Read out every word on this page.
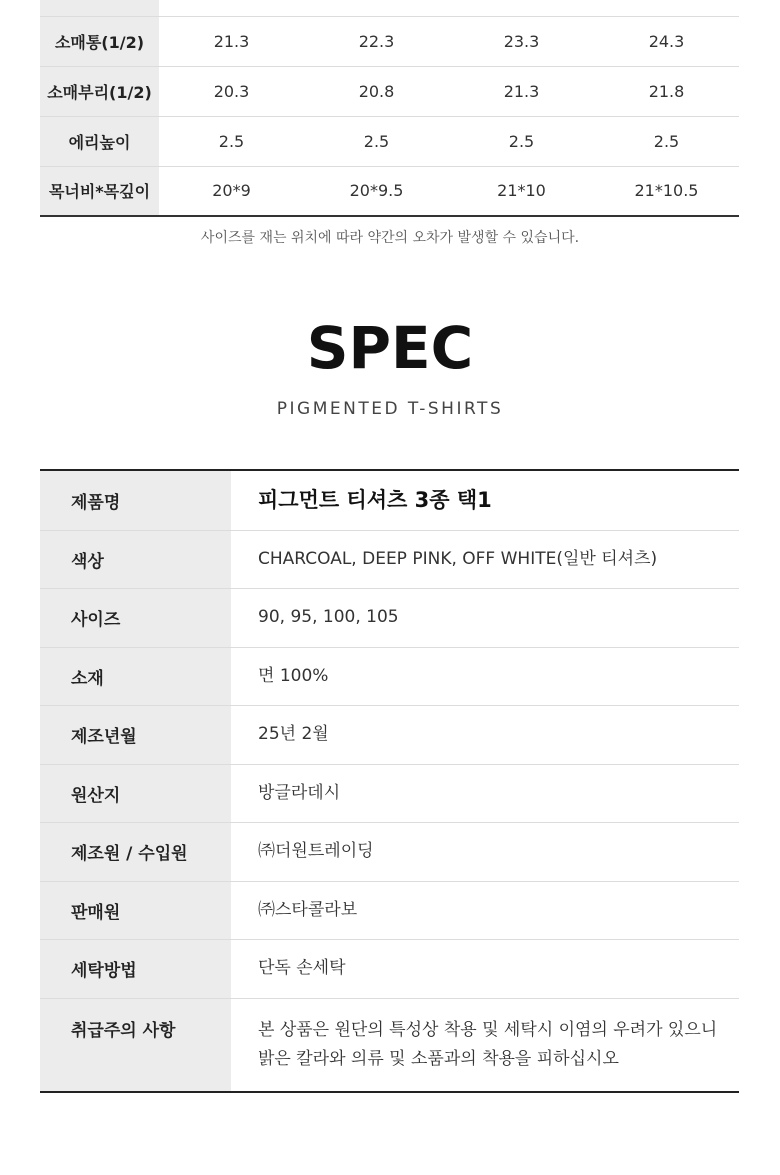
소매통(1/2)	21.3	22.3	23.3	24.3
소매부리(1/2)	20.3	20.8	21.3	21.8
에리높이	2.5	2.5	2.5	2.5
목너비*목깊이	20*9	20*9.5	21*10	21*10.5
사이즈를 재는 위치에 따라 약간의 오차가 발생할 수 있습니다.
SPEC
PIGMENTED T-SHIRTS
제품명	피그먼트 티셔츠 3종 택1
색상	CHARCOAL, DEEP PINK, OFF WHITE(일반 티셔츠)
사이즈	90, 95, 100, 105
소재	면 100%
제조년월	25년 2월
원산지	방글라데시
제조원 / 수입원	㈜더원트레이딩
판매원	㈜스타콜라보
세탁방법	단독 손세탁
취급주의 사항	본 상품은 원단의 특성상 착용 및 세탁시 이염의 우려가 있으니
밝은 칼라와 의류 및 소품과의 착용을 피하십시오
